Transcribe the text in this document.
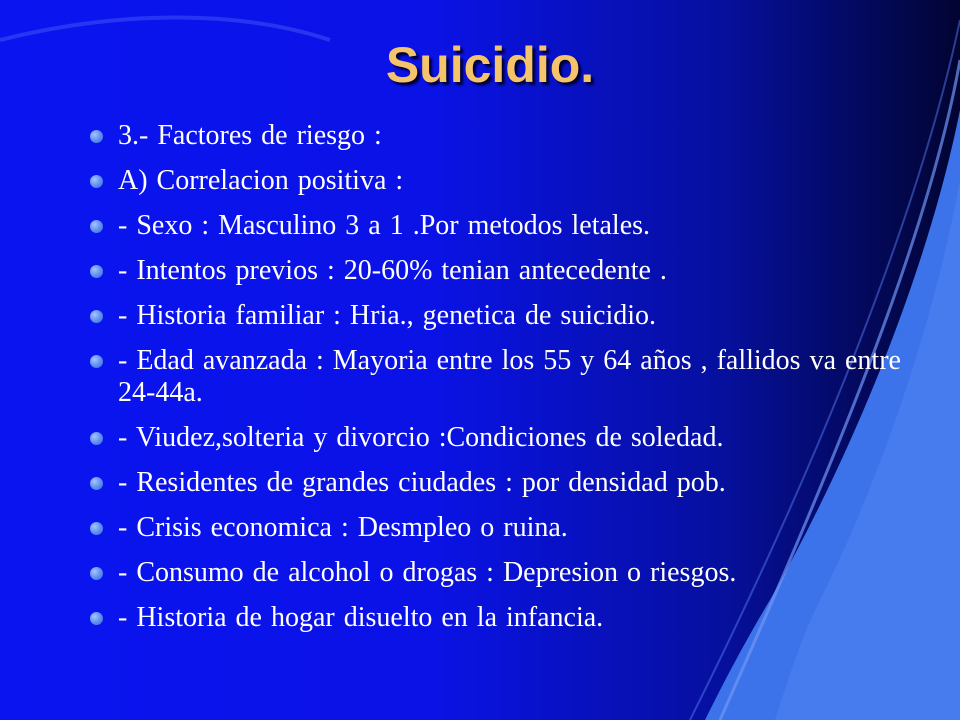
Suicidio.
3.- Factores de riesgo :
A) Correlacion positiva :
- Sexo : Masculino 3 a 1 .Por metodos letales.
- Intentos previos : 20-60% tenian antecedente .
- Historia familiar : Hria., genetica de suicidio.
- Edad avanzada : Mayoria entre los 55 y 64 años , fallidos va entre 24-44a.
- Viudez,solteria y divorcio :Condiciones de soledad.
- Residentes de grandes ciudades : por densidad pob.
- Crisis economica : Desmpleo o ruina.
- Consumo de alcohol o drogas : Depresion o riesgos.
- Historia de hogar disuelto en la infancia.
